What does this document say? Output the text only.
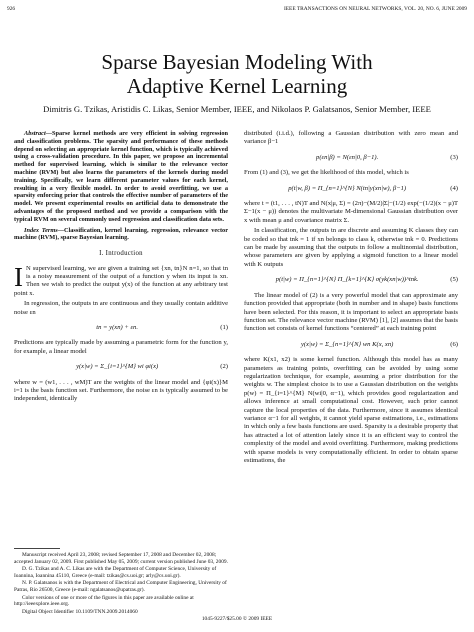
926	IEEE TRANSACTIONS ON NEURAL NETWORKS, VOL. 20, NO. 6, JUNE 2009
Sparse Bayesian Modeling With
Adaptive Kernel Learning
Dimitris G. Tzikas, Aristidis C. Likas, Senior Member, IEEE, and Nikolaos P. Galatsanos, Senior Member, IEEE

Abstract—Sparse kernel methods are very efficient in solving regression and classification problems. The sparsity and performance of these methods depend on selecting an appropriate kernel function, which is typically achieved using a cross-validation procedure. In this paper, we propose an incremental method for supervised learning, which is similar to the relevance vector machine (RVM) but also learns the parameters of the kernels during model training. Specifically, we learn different parameter values for each kernel, resulting in a very flexible model. In order to avoid overfitting, we use a sparsity enforcing prior that controls the effective number of parameters of the model. We present experimental results on artificial data to demonstrate the advantages of the proposed method and we provide a comparison with the typical RVM on several commonly used regression and classification data sets.

Index Terms—Classification, kernel learning, regression, relevance vector machine (RVM), sparse Bayesian learning.

I. Introduction

I N supervised learning, we are given a training set {xn, tn}N n=1, so that tn is a noisy measurement of the output of a function y when its input is xn. Then we wish to predict the output y(x) of the function at any arbitrary test point x.

In regression, the outputs tn are continuous and they usually contain additive noise εn

tn = y(xn) + εn.	(1)

Predictions are typically made by assuming a parametric form for the function y, for example, a linear model

y(x|w) = Σ_{i=1}^{M} wi φi(x)	(2)

where w = (w1, . . . , wM)T are the weights of the linear model and {φi(x)}M i=1 is the basis function set. Furthermore, the noise εn is typically assumed to be independent, identically

Manuscript received April 23, 2008; revised September 17, 2008 and December 02, 2008; accepted January 02, 2009. First published May 05, 2009; current version published June 03, 2009.
D. G. Tzikas and A. C. Likas are with the Department of Computer Science, University of Ioannina, Ioannina 45110, Greece (e-mail: tzikas@cs.uoi.gr; arly@cs.uoi.gr).
N. P. Galatsanos is with the Department of Electrical and Computer Engineering, University of Patras, Rio 26500, Greece (e-mail: ngalatsanos@upatras.gr).
Color versions of one or more of the figures in this paper are available online at http://ieeexplore.ieee.org.
Digital Object Identifier 10.1109/TNN.2009.2014060

distributed (i.i.d.), following a Gaussian distribution with zero mean and variance β−1

p(εn|β) = N(εn|0, β−1).	(3)

From (1) and (3), we get the likelihood of this model, which is

p(t|w, β) = Π_{n=1}^{N} N(tn|y(xn|w), β−1)	(4)

where t = (t1, . . . , tN)T and N(x|μ, Σ) = (2π)−(M/2)|Σ|−(1/2) exp(−(1/2)(x − μ)T Σ−1(x − μ)) denotes the multivariate M-dimensional Gaussian distribution over x with mean μ and covariance matrix Σ.

In classification, the outputs tn are discrete and assuming K classes they can be coded so that tnk = 1 if xn belongs to class k, otherwise tnk = 0. Predictions can be made by assuming that the outputs tn follow a multinomial distribution, whose parameters are given by applying a sigmoid function to a linear model with K outputs

p(t|w) = Π_{n=1}^{N} Π_{k=1}^{K} σ(yk(xn|w))^tnk.	(5)

The linear model of (2) is a very powerful model that can approximate any function provided that appropriate (both in number and in shape) basis functions have been selected. For this reason, it is important to select an appropriate basis function set. The relevance vector machine (RVM) [1], [2] assumes that the basis function set consists of kernel functions “centered” at each training point

y(x|w) = Σ_{n=1}^{N} wn K(x, xn)	(6)

where K(x1, x2) is some kernel function. Although this model has as many parameters as training points, overfitting can be avoided by using some regularization technique, for example, assuming a prior distribution for the weights w. The simplest choice is to use a Gaussian distribution on the weights p(w) = Π_{i=1}^{M} N(wi|0, α−1), which provides good regularization and allows inference at small computational cost. However, such prior cannot capture the local properties of the data. Furthermore, since it assumes identical variance α−1 for all weights, it cannot yield sparse estimations, i.e., estimations in which only a few basis functions are used. Sparsity is a desirable property that has attracted a lot of attention lately since it is an efficient way to control the complexity of the model and avoid overfitting. Furthermore, making predictions with sparse models is very computationally efficient. In order to obtain sparse estimations, the

1045-9227/$25.00 © 2009 IEEE
